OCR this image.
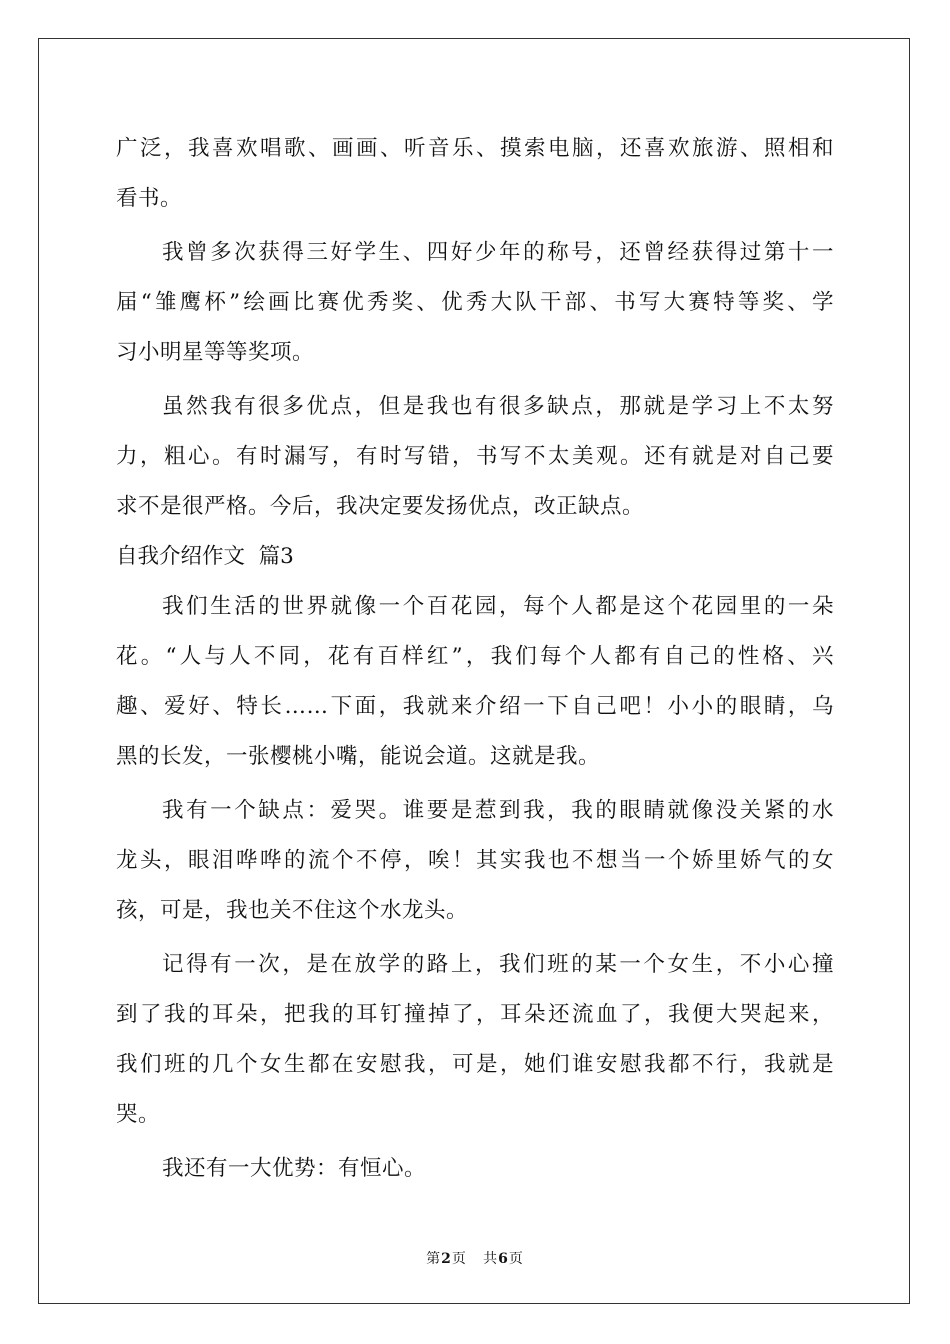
广泛，我喜欢唱歌、画画、听音乐、摸索电脑，还喜欢旅游、照相和
看书。
我曾多次获得三好学生、四好少年的称号，还曾经获得过第十一
届“雏鹰杯”绘画比赛优秀奖、优秀大队干部、书写大赛特等奖、学
习小明星等等奖项。
虽然我有很多优点，但是我也有很多缺点，那就是学习上不太努
力，粗心。有时漏写，有时写错，书写不太美观。还有就是对自己要
求不是很严格。今后，我决定要发扬优点，改正缺点。
自我介绍作文  篇3
我们生活的世界就像一个百花园，每个人都是这个花园里的一朵
花。“人与人不同，花有百样红”，我们每个人都有自己的性格、兴
趣、爱好、特长……下面，我就来介绍一下自己吧！小小的眼睛，乌
黑的长发，一张樱桃小嘴，能说会道。这就是我。
我有一个缺点：爱哭。谁要是惹到我，我的眼睛就像没关紧的水
龙头，眼泪哗哗的流个不停，唉！其实我也不想当一个娇里娇气的女
孩，可是，我也关不住这个水龙头。
记得有一次，是在放学的路上，我们班的某一个女生，不小心撞
到了我的耳朵，把我的耳钉撞掉了，耳朵还流血了，我便大哭起来，
我们班的几个女生都在安慰我，可是，她们谁安慰我都不行，我就是
哭。
我还有一大优势：有恒心。
第2页   共6页
